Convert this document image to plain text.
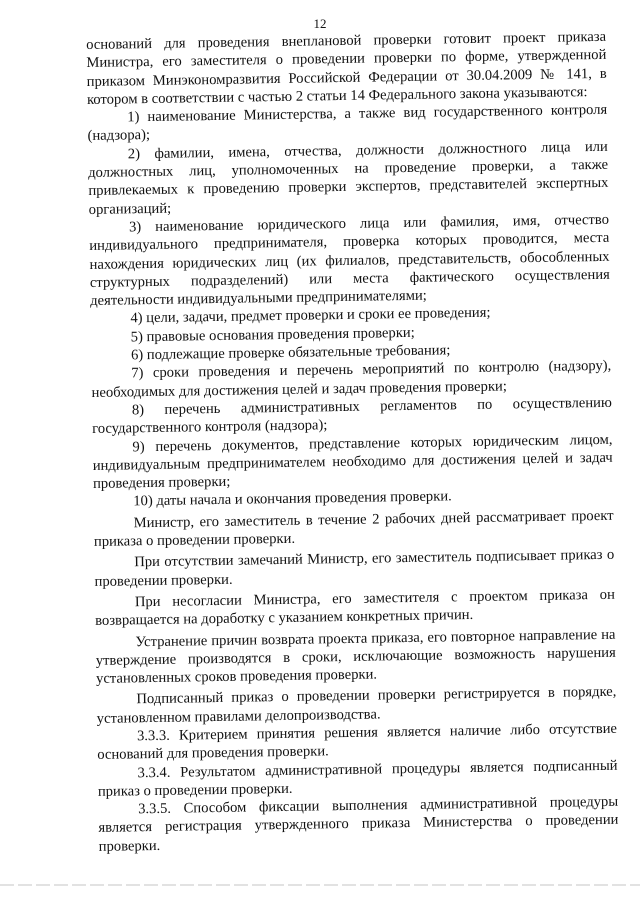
12

оснований для проведения внеплановой проверки готовит проект приказа Министра, его заместителя о проведении проверки по форме, утвержденной приказом Минэкономразвития Российской Федерации от 30.04.2009 № 141, в котором в соответствии с частью 2 статьи 14 Федерального закона указываются:

1) наименование Министерства, а также вид государственного контроля (надзора);

2) фамилии, имена, отчества, должности должностного лица или должностных лиц, уполномоченных на проведение проверки, а также привлекаемых к проведению проверки экспертов, представителей экспертных организаций;

3) наименование юридического лица или фамилия, имя, отчество индивидуального предпринимателя, проверка которых проводится, места нахождения юридических лиц (их филиалов, представительств, обособленных структурных подразделений) или места фактического осуществления деятельности индивидуальными предпринимателями;

4) цели, задачи, предмет проверки и сроки ее проведения;

5) правовые основания проведения проверки;

6) подлежащие проверке обязательные требования;

7) сроки проведения и перечень мероприятий по контролю (надзору), необходимых для достижения целей и задач проведения проверки;

8) перечень административных регламентов по осуществлению государственного контроля (надзора);

9) перечень документов, представление которых юридическим лицом, индивидуальным предпринимателем необходимо для достижения целей и задач проведения проверки;

10) даты начала и окончания проведения проверки.

Министр, его заместитель в течение 2 рабочих дней рассматривает проект приказа о проведении проверки.

При отсутствии замечаний Министр, его заместитель подписывает приказ о проведении проверки.

При несогласии Министра, его заместителя с проектом приказа он возвращается на доработку с указанием конкретных причин.

Устранение причин возврата проекта приказа, его повторное направление на утверждение производятся в сроки, исключающие возможность нарушения установленных сроков проведения проверки.

Подписанный приказ о проведении проверки регистрируется в порядке, установленном правилами делопроизводства.

3.3.3. Критерием принятия решения является наличие либо отсутствие оснований для проведения проверки.

3.3.4. Результатом административной процедуры является подписанный приказ о проведении проверки.

3.3.5. Способом фиксации выполнения административной процедуры является регистрация утвержденного приказа Министерства о проведении проверки.
